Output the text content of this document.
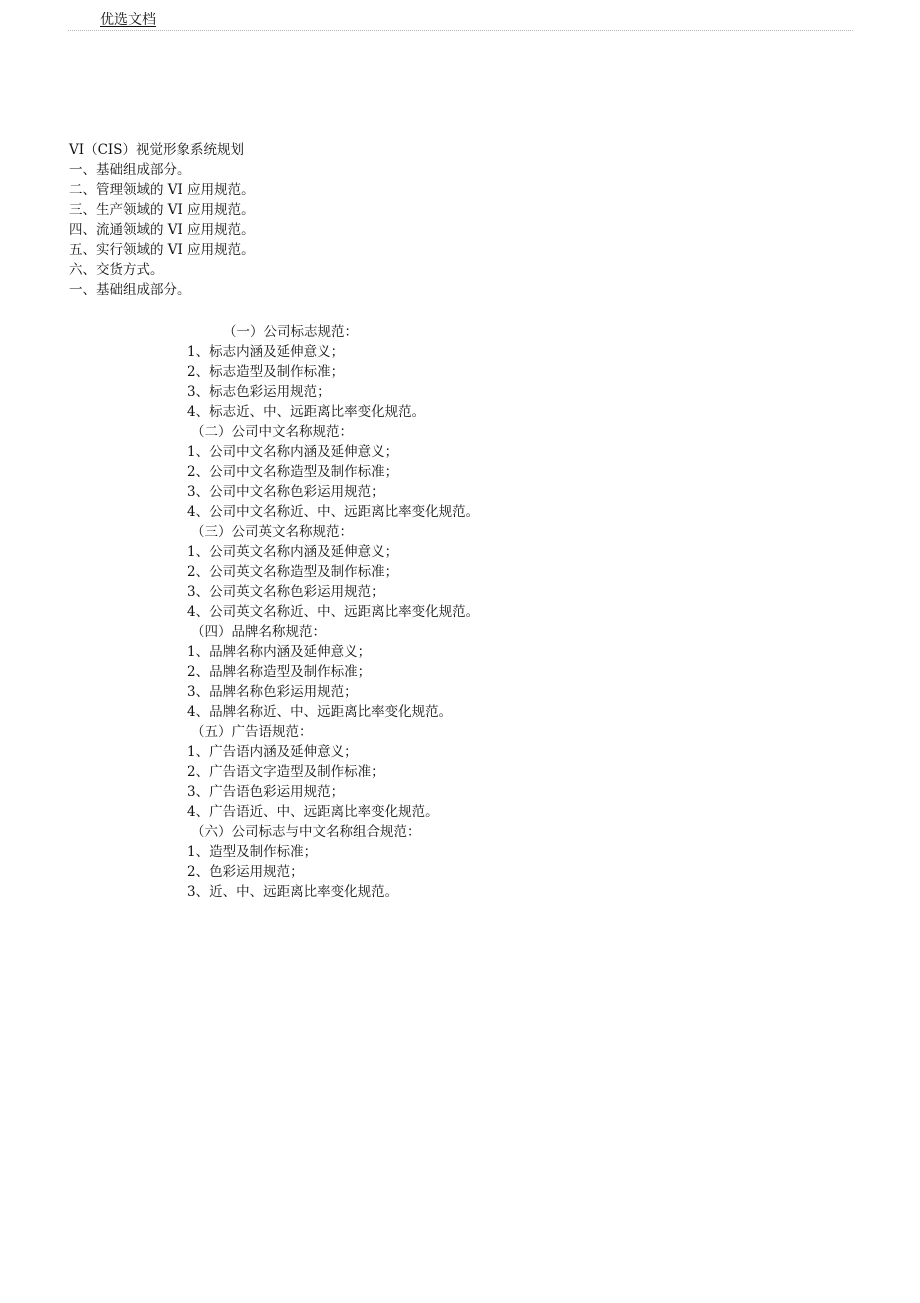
优选文档
VI（CIS）视觉形象系统规划
一、基础组成部分。
二、管理领域的 VI 应用规范。
三、生产领域的 VI 应用规范。
四、流通领域的 VI 应用规范。
五、实行领域的 VI 应用规范。
六、交货方式。
一、基础组成部分。
（一）公司标志规范：
1、标志内涵及延伸意义；
2、标志造型及制作标准；
3、标志色彩运用规范；
4、标志近、中、远距离比率变化规范。
（二）公司中文名称规范：
1、公司中文名称内涵及延伸意义；
2、公司中文名称造型及制作标准；
3、公司中文名称色彩运用规范；
4、公司中文名称近、中、远距离比率变化规范。
（三）公司英文名称规范：
1、公司英文名称内涵及延伸意义；
2、公司英文名称造型及制作标准；
3、公司英文名称色彩运用规范；
4、公司英文名称近、中、远距离比率变化规范。
（四）品牌名称规范：
1、品牌名称内涵及延伸意义；
2、品牌名称造型及制作标准；
3、品牌名称色彩运用规范；
4、品牌名称近、中、远距离比率变化规范。
（五）广告语规范：
1、广告语内涵及延伸意义；
2、广告语文字造型及制作标准；
3、广告语色彩运用规范；
4、广告语近、中、远距离比率变化规范。
（六）公司标志与中文名称组合规范：
1、造型及制作标准；
2、色彩运用规范；
3、近、中、远距离比率变化规范。
